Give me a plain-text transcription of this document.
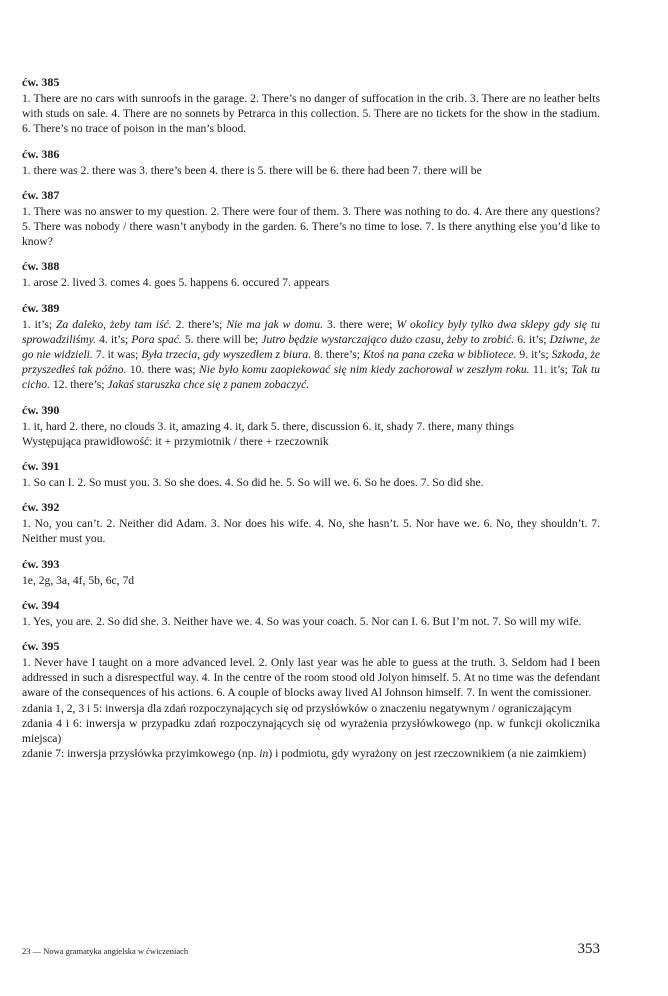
ćw. 385
1. There are no cars with sunroofs in the garage. 2. There’s no danger of suffocation in the crib. 3. There are no leather belts with studs on sale. 4. There are no sonnets by Petrarca in this collection. 5. There are no tickets for the show in the stadium. 6. There’s no trace of poison in the man’s blood.
ćw. 386
1. there was 2. there was 3. there’s been 4. there is 5. there will be 6. there had been 7. there will be
ćw. 387
1. There was no answer to my question. 2. There were four of them. 3. There was nothing to do. 4. Are there any questions? 5. There was nobody / there wasn’t anybody in the garden. 6. There’s no time to lose. 7. Is there anything else you’d like to know?
ćw. 388
1. arose 2. lived 3. comes 4. goes 5. happens 6. occured 7. appears
ćw. 389
1. it’s; Za daleko, żeby tam iść. 2. there’s; Nie ma jak w domu. 3. there were; W okolicy były tylko dwa sklepy gdy się tu sprowadziliśmy. 4. it’s; Pora spać. 5. there will be; Jutro będzie wystarczająco dużo czasu, żeby to zrobić. 6. it’s; Dziwne, że go nie widzieli. 7. it was; Była trzecia, gdy wyszedłem z biura. 8. there’s; Ktoś na pana czeka w bibliotece. 9. it’s; Szkoda, że przyszedłeś tak późno. 10. there was; Nie było komu zaopiekować się nim kiedy zachorował w zeszłym roku. 11. it’s; Tak tu cicho. 12. there’s; Jakaś staruszka chce się z panem zobaczyć.
ćw. 390
1. it, hard 2. there, no clouds 3. it, amazing 4. it, dark 5. there, discussion 6. it, shady 7. there, many things
Występująca prawidłowość: it + przymiotnik / there + rzeczownik
ćw. 391
1. So can I. 2. So must you. 3. So she does. 4. So did he. 5. So will we. 6. So he does. 7. So did she.
ćw. 392
1. No, you can’t. 2. Neither did Adam. 3. Nor does his wife. 4. No, she hasn’t. 5. Nor have we. 6. No, they shouldn’t. 7. Neither must you.
ćw. 393
1e, 2g, 3a, 4f, 5b, 6c, 7d
ćw. 394
1. Yes, you are. 2. So did she. 3. Neither have we. 4. So was your coach. 5. Nor can I. 6. But I’m not. 7. So will my wife.
ćw. 395
1. Never have I taught on a more advanced level. 2. Only last year was he able to guess at the truth. 3. Seldom had I been addressed in such a disrespectful way. 4. In the centre of the room stood old Jolyon himself. 5. At no time was the defendant aware of the consequences of his actions. 6. A couple of blocks away lived Al Johnson himself. 7. In went the comissioner.
zdania 1, 2, 3 i 5: inwersja dla zdań rozpoczynających się od przysłówków o znaczeniu negatywnym / ograniczającym
zdania 4 i 6: inwersja w przypadku zdań rozpoczynających się od wyrażenia przysłówkowego (np. w funkcji okolicznika miejsca)
zdanie 7: inwersja przysłówka przyimkowego (np. in) i podmiotu, gdy wyrażony on jest rzeczownikiem (a nie zaimkiem)
23 — Nowa gramatyka angielska w ćwiczeniach	353
